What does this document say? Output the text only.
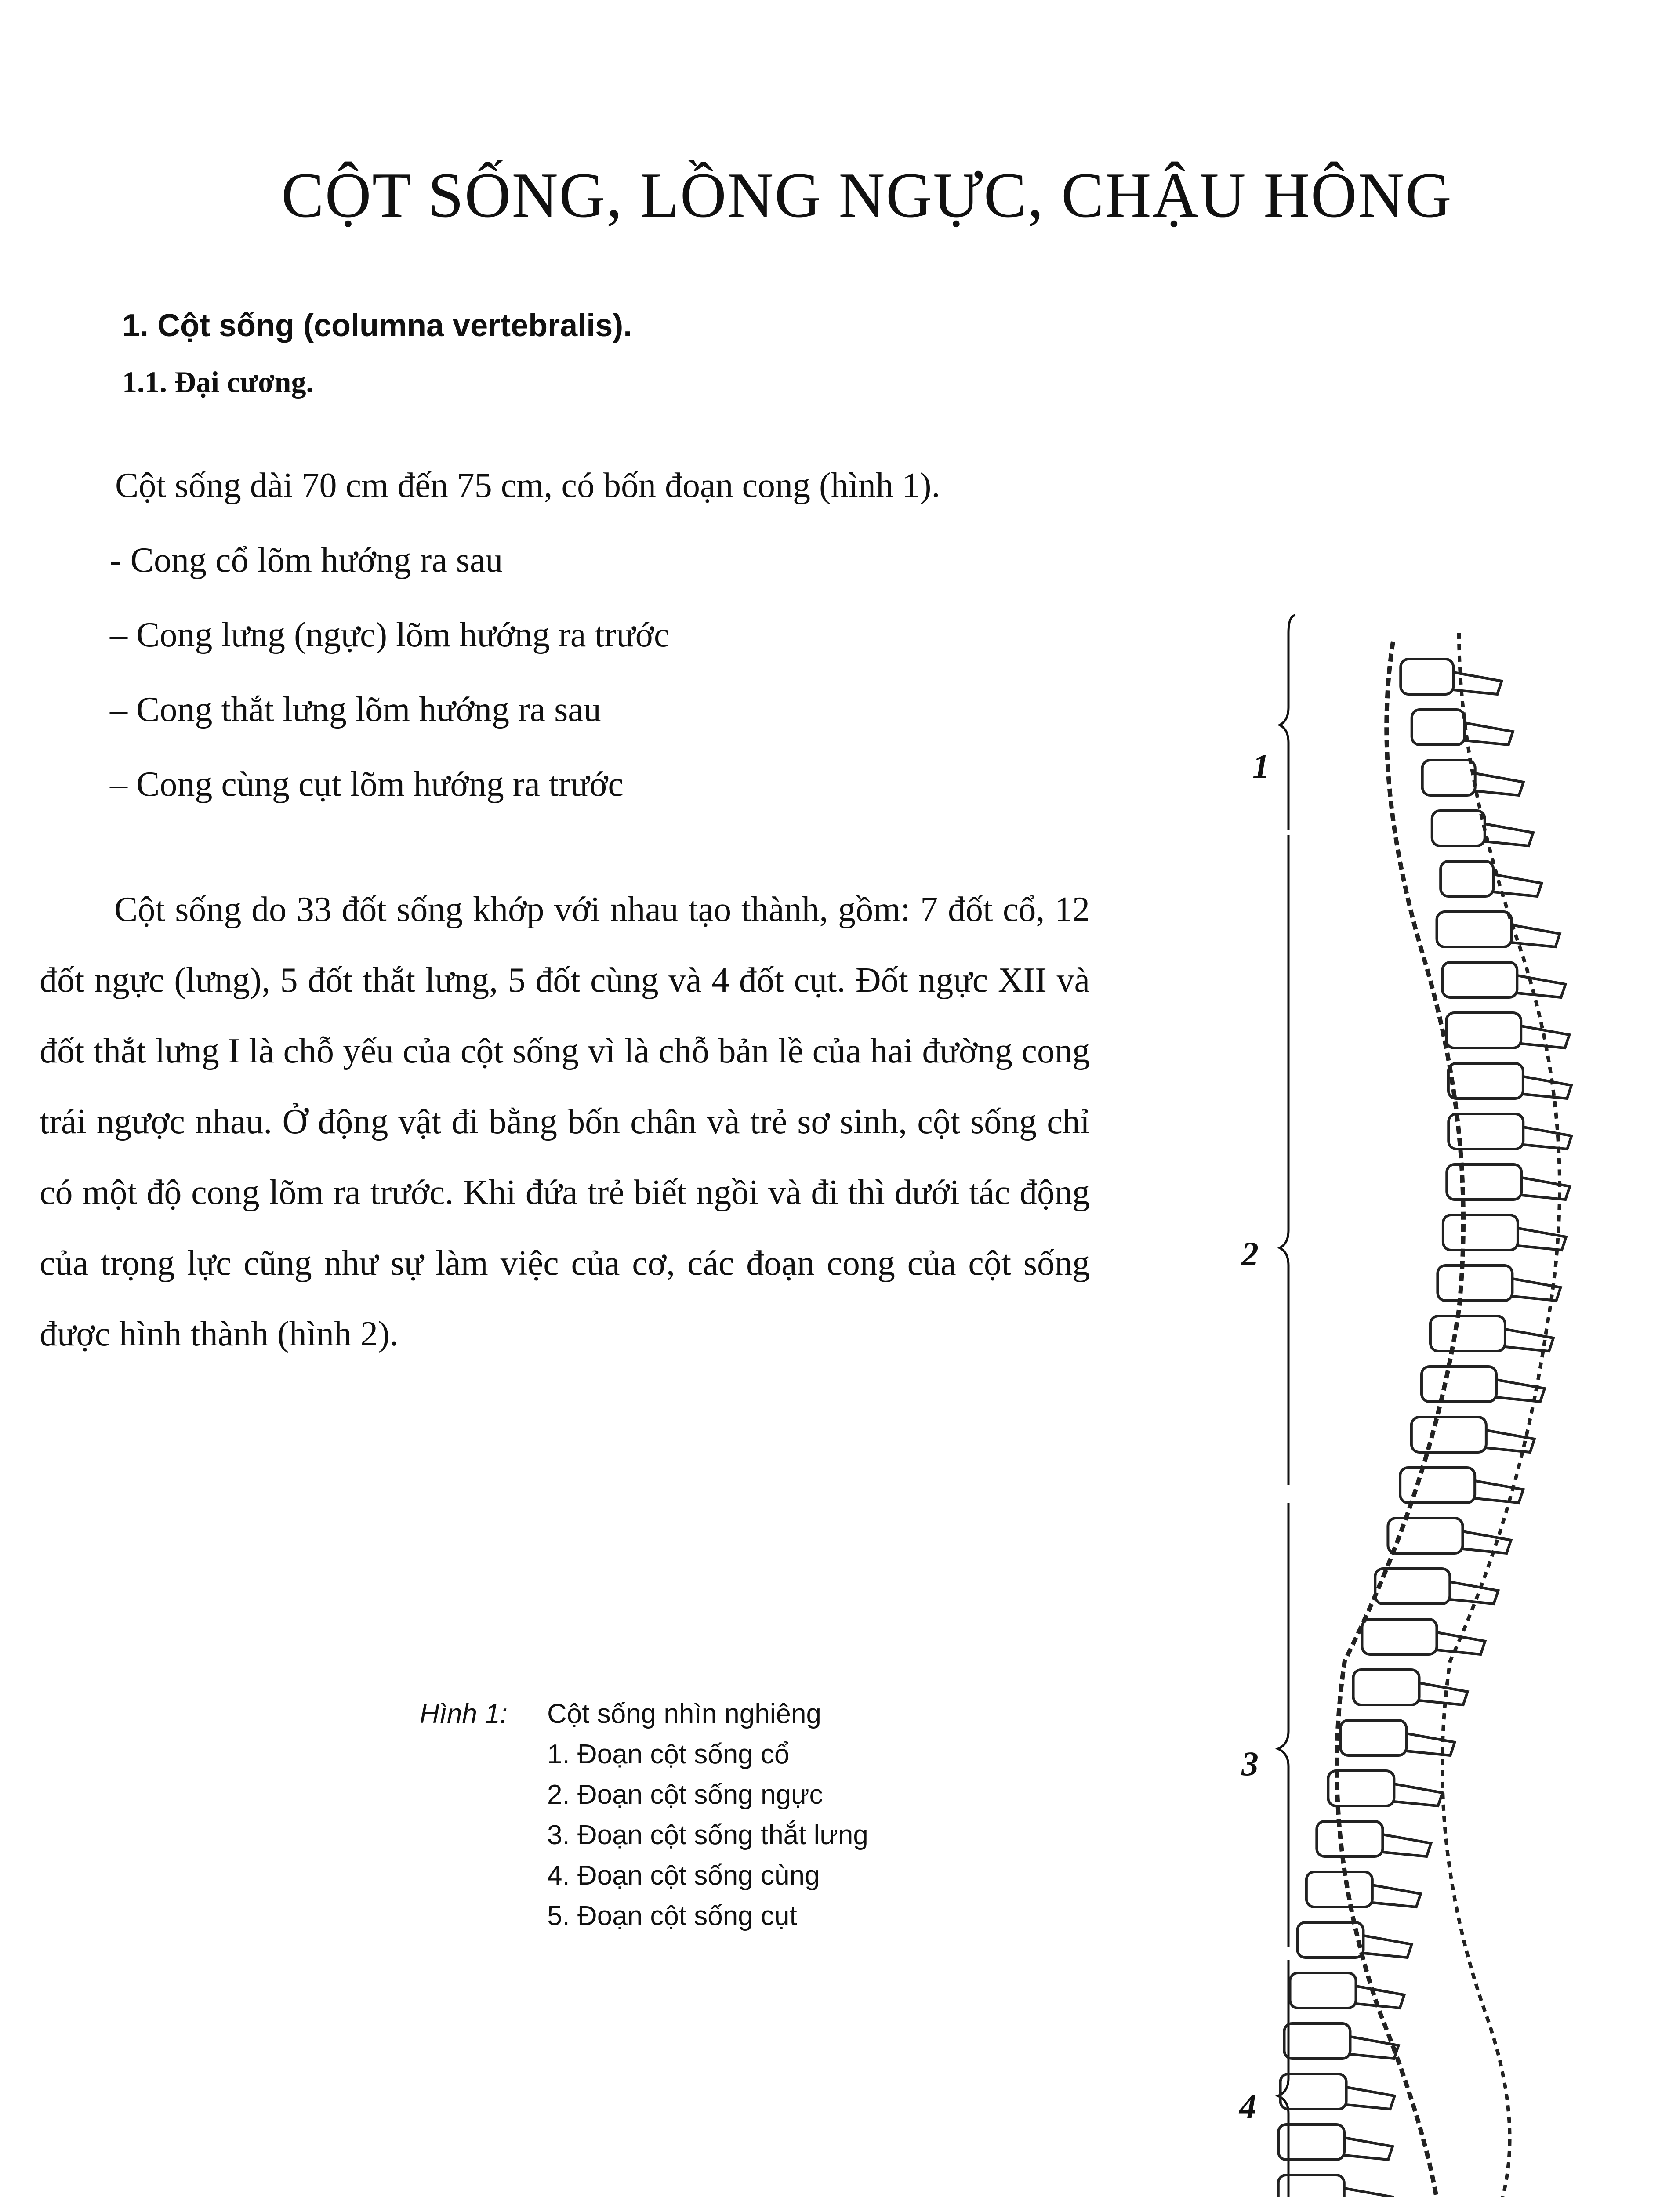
CỘT SỐNG, LỒNG NGỰC, CHẬU HÔNG
1. Cột sống (columna vertebralis).
1.1. Đại cương.
Cột sống dài 70 cm đến 75 cm, có bốn đoạn cong (hình 1).
- Cong cổ lõm hướng ra sau
– Cong lưng (ngực) lõm hướng ra trước
– Cong thắt lưng lõm hướng ra sau
– Cong cùng cụt lõm hướng ra trước

Cột sống do 33 đốt sống khớp với nhau tạo thành, gồm: 7 đốt cổ, 12 đốt ngực (lưng), 5 đốt thắt lưng, 5 đốt cùng và 4 đốt cụt. Đốt ngực XII và đốt thắt lưng I là chỗ yếu của cột sống vì là chỗ bản lề của hai đường cong trái ngược nhau. Ở động vật đi bằng bốn chân và trẻ sơ sinh, cột sống chỉ có một độ cong lõm ra trước. Khi đứa trẻ biết ngồi và đi thì dưới tác động của trọng lực cũng như sự làm việc của cơ, các đoạn cong của cột sống được hình thành (hình 2).

Hình 1: Cột sống nhìn nghiêng
1. Đoạn cột sống cổ
2. Đoạn cột sống ngực
3. Đoạn cột sống thắt lưng
4. Đoạn cột sống cùng
5. Đoạn cột sống cụt
1
2
3
4
